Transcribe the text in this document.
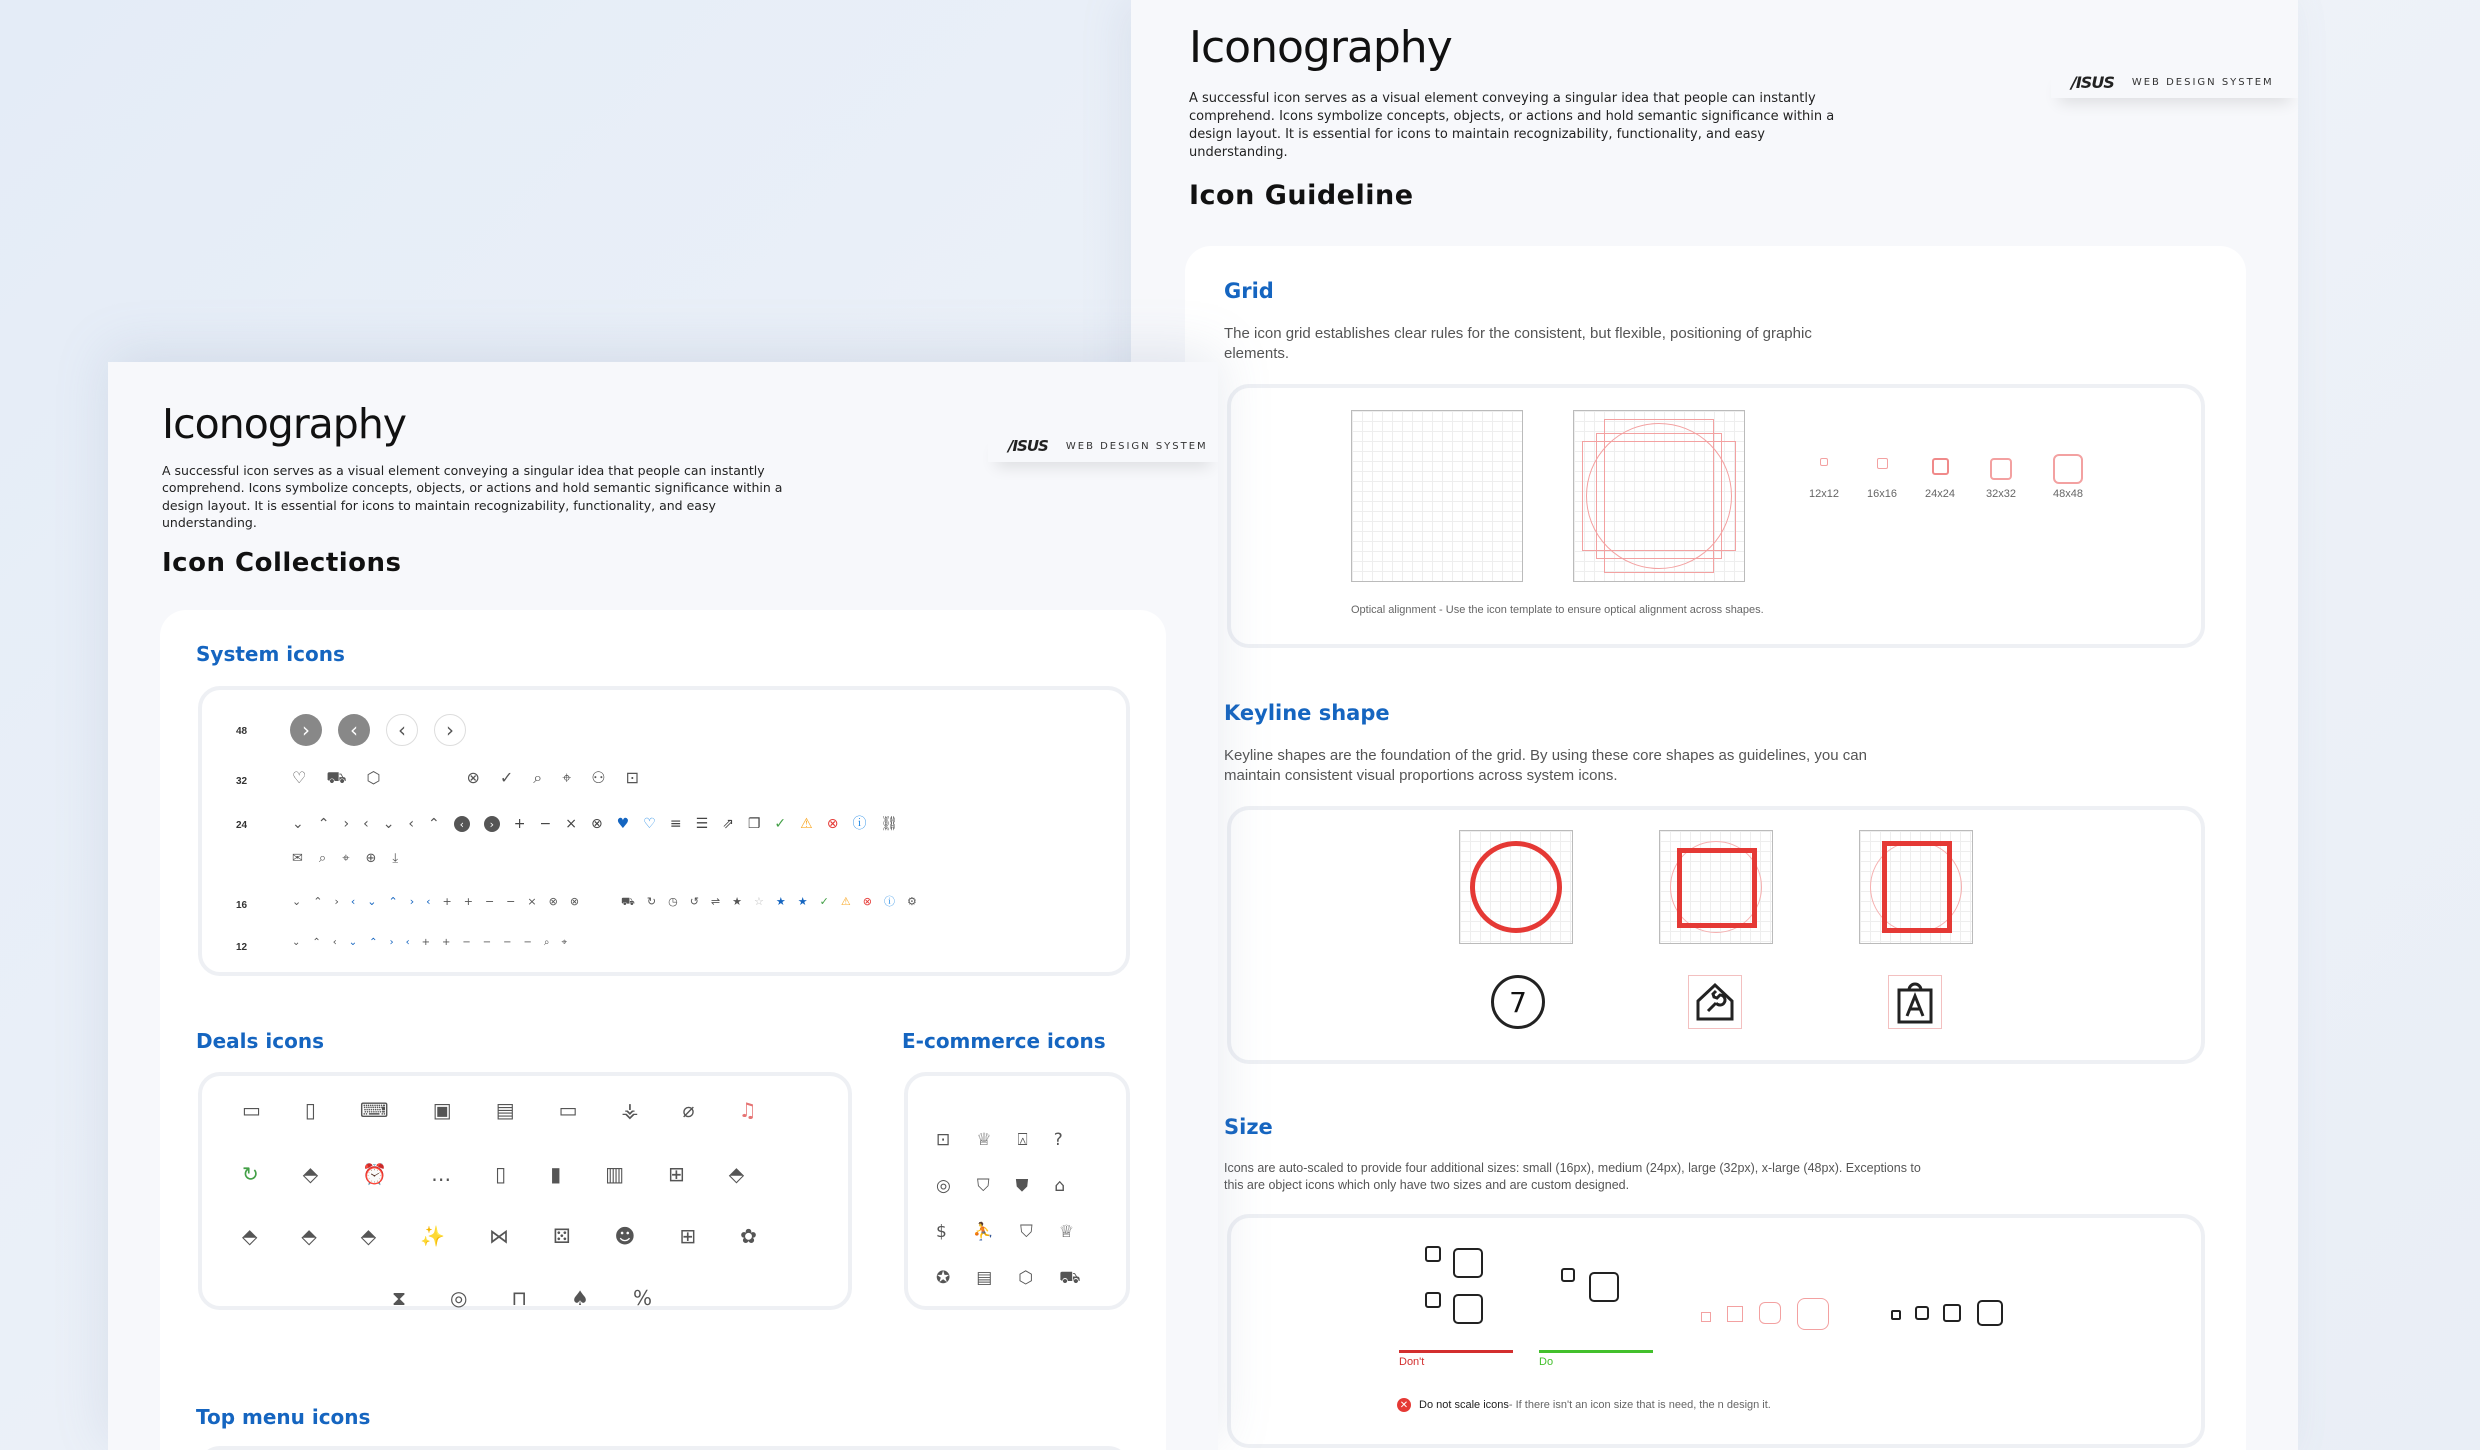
Iconography
A successful icon serves as a visual element conveying a singular idea that people can instantly comprehend. Icons symbolize concepts, objects, or actions and hold semantic significance within a design layout. It is essential for icons to maintain recognizability, functionality, and easy understanding.
/ISUS WEB DESIGN SYSTEM
Icon Guideline
Grid
The icon grid establishes clear rules for the consistent, but flexible, positioning of graphic elements.
12x12	16x16	24x24	32x32	48x48
Optical alignment - Use the icon template to ensure optical alignment across shapes.
Keyline shape
Keyline shapes are the foundation of the grid. By using these core shapes as guidelines, you can maintain consistent visual proportions across system icons.
7
Size
Icons are auto-scaled to provide four additional sizes: small (16px), medium (24px), large (32px), x-large (48px). Exceptions to this are object icons which only have two sizes and are custom designed.
Don't	Do
✕ Do not scale icons - If there isn't an icon size that is need, the n design it.
Iconography
A successful icon serves as a visual element conveying a singular idea that people can instantly comprehend. Icons symbolize concepts, objects, or actions and hold semantic significance within a design layout. It is essential for icons to maintain recognizability, functionality, and easy understanding.
/ISUS WEB DESIGN SYSTEM
Icon Collections
System icons
48	›	‹	‹	›
32	♡ ⛟ ⬡	⊗ ✓ ⌕ ⌖ ⚇ ⊡
24	⌄ ⌃ › ‹ ⌄ ‹ ⌃	‹	›	+ − × ⊗ ♥ ♡ ≡ ☰ ⇗ ❐ ✓ ⚠ ⊗ ⓘ ⛓
✉ ⌕ ⌖ ⊕ ⤓
16	⌄ ⌃ › ‹ ⌄ ⌃ › ‹ + + − − × ⊗ ⊗	⛟ ↻ ◷ ↺ ⇌ ★ ☆ ★ ★ ✓ ⚠ ⊗ ⓘ ⚙
12	⌄ ⌃ ‹ ⌄ ⌃ › ‹ + + − − − − ⌕ ⌖
Deals icons
▭ ▯ ⌨ ▣ ▤ ▭ ⚶ ⌀ ♫
↻ ⬘ ⏰ … ▯ ▮ ▥ ⊞ ⬘
⬘ ⬘ ⬘ ✨ ⋈ ⚄ ☻ ⊞ ✿
⧗ ◎ ⊓ ♠ %
E-commerce icons
⊡ ♕ ⍓ ?
◎ ⛉ ⛊ ⌂
$ ⛹ ⛉ ♕
✪ ▤ ⬡ ⛟
Top menu icons
